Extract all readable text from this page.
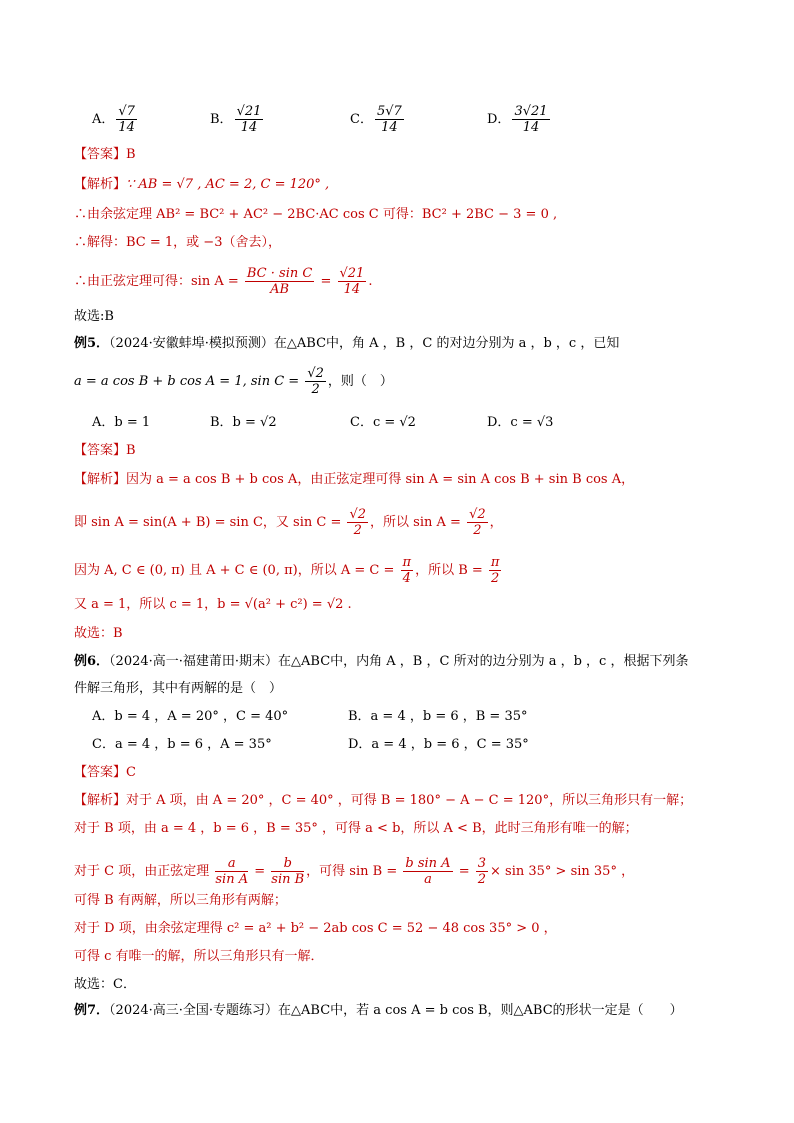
A． $\frac{√7}{14}$	B． $\frac{√21}{14}$	C． $\frac{5√7}{14}$	D． $\frac{3√21}{14}$
【答案】B
【解析】∵ AB = √7 , AC = 2, C = 120° ,
∴由余弦定理 AB² = BC² + AC² − 2BC·AC cos C 可得：BC² + 2BC − 3 = 0 ,
∴解得：BC = 1，或 −3（舍去），
∴由正弦定理可得：$\sin A = \frac{\text{BC · sin C}}{AB} = \frac{√21}{14}$ .
故选:B
例5．（2024·安徽蚌埠·模拟预测）在△ABC中，角 A ，B ，C 的对边分别为 a ，b ，c ，已知
a = a cos B + b cos A = 1, $\sin C = \frac{√2}{2}$ ，则（　）
A．b = 1	B．b = √2	C．c = √2	D．c = √3
【答案】B
【解析】因为 a = a cos B + b cos A，由正弦定理可得 sin A = sin A cos B + sin B cos A，
即 sin A = sin(A + B) = sin C，又 $\sin C = \frac{√2}{2}$ ，所以 $\sin A = \frac{√2}{2}$ ，
因为 A, C ∈ (0, π) 且 A + C ∈ (0, π)，所以 $A = C = \frac{\pi}{4}$ ，所以 $B = \frac{\pi}{2}$
又 a = 1，所以 c = 1，b = √(a² + c²) = √2 .
故选：B
例6．（2024·高一·福建莆田·期末）在△ABC中，内角 A ，B ，C 所对的边分别为 a ，b ，c ，根据下列条
件解三角形，其中有两解的是（　）
A．b = 4 ，A = 20° ，C = 40°	B．a = 4 ，b = 6 ，B = 35°
C．a = 4 ，b = 6 ，A = 35°	D．a = 4 ，b = 6 ，C = 35°
【答案】C
【解析】对于 A 项，由 A = 20° ，C = 40° ，可得 B = 180° − A − C = 120°，所以三角形只有一解；
对于 B 项，由 a = 4 ，b = 6 ，B = 35° ，可得 a < b，所以 A < B，此时三角形有唯一的解；
对于 C 项，由正弦定理 $\frac{a}{\text{sin A}} = \frac{b}{\text{sin B}}$ ，可得 $\sin B = \frac{\text{b sin A}}{a} = \frac{3}{2} \times \sin 35^\circ > \sin 35^\circ$ ，
可得 B 有两解，所以三角形有两解；
对于 D 项，由余弦定理得 c² = a² + b² − 2ab cos C = 52 − 48 cos 35° > 0 ，
可得 c 有唯一的解，所以三角形只有一解．
故选：C．
例7．（2024·高三·全国·专题练习）在△ABC中，若 a cos A = b cos B，则△ABC的形状一定是（　　）
